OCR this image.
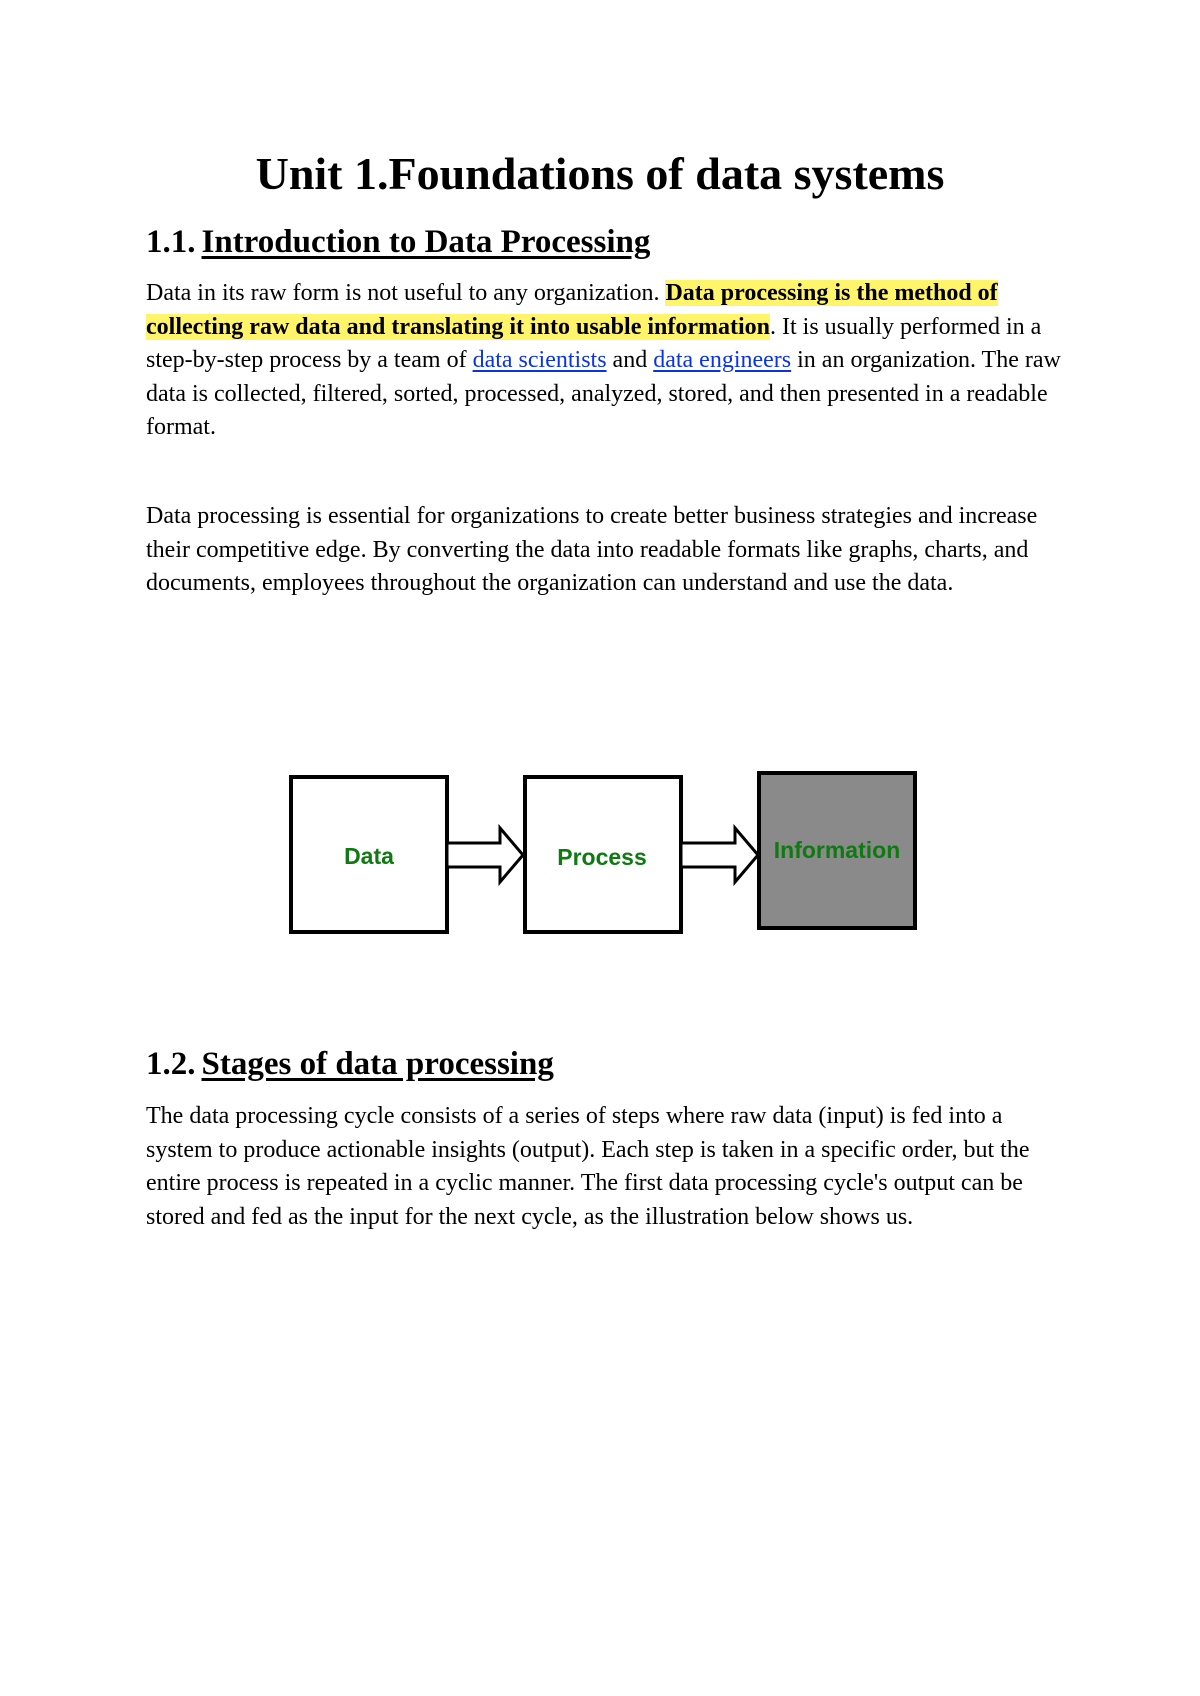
Unit 1.Foundations of data systems
1.1. Introduction to Data Processing

Data in its raw form is not useful to any organization. Data processing is the method of collecting raw data and translating it into usable information. It is usually performed in a step-by-step process by a team of data scientists and data engineers in an organization. The raw data is collected, filtered, sorted, processed, analyzed, stored, and then presented in a readable format.

Data processing is essential for organizations to create better business strategies and increase their competitive edge. By converting the data into readable formats like graphs, charts, and documents, employees throughout the organization can understand and use the data.

Data	Process	Information
1.2. Stages of data processing

The data processing cycle consists of a series of steps where raw data (input) is fed into a system to produce actionable insights (output). Each step is taken in a specific order, but the entire process is repeated in a cyclic manner. The first data processing cycle's output can be stored and fed as the input for the next cycle, as the illustration below shows us.
